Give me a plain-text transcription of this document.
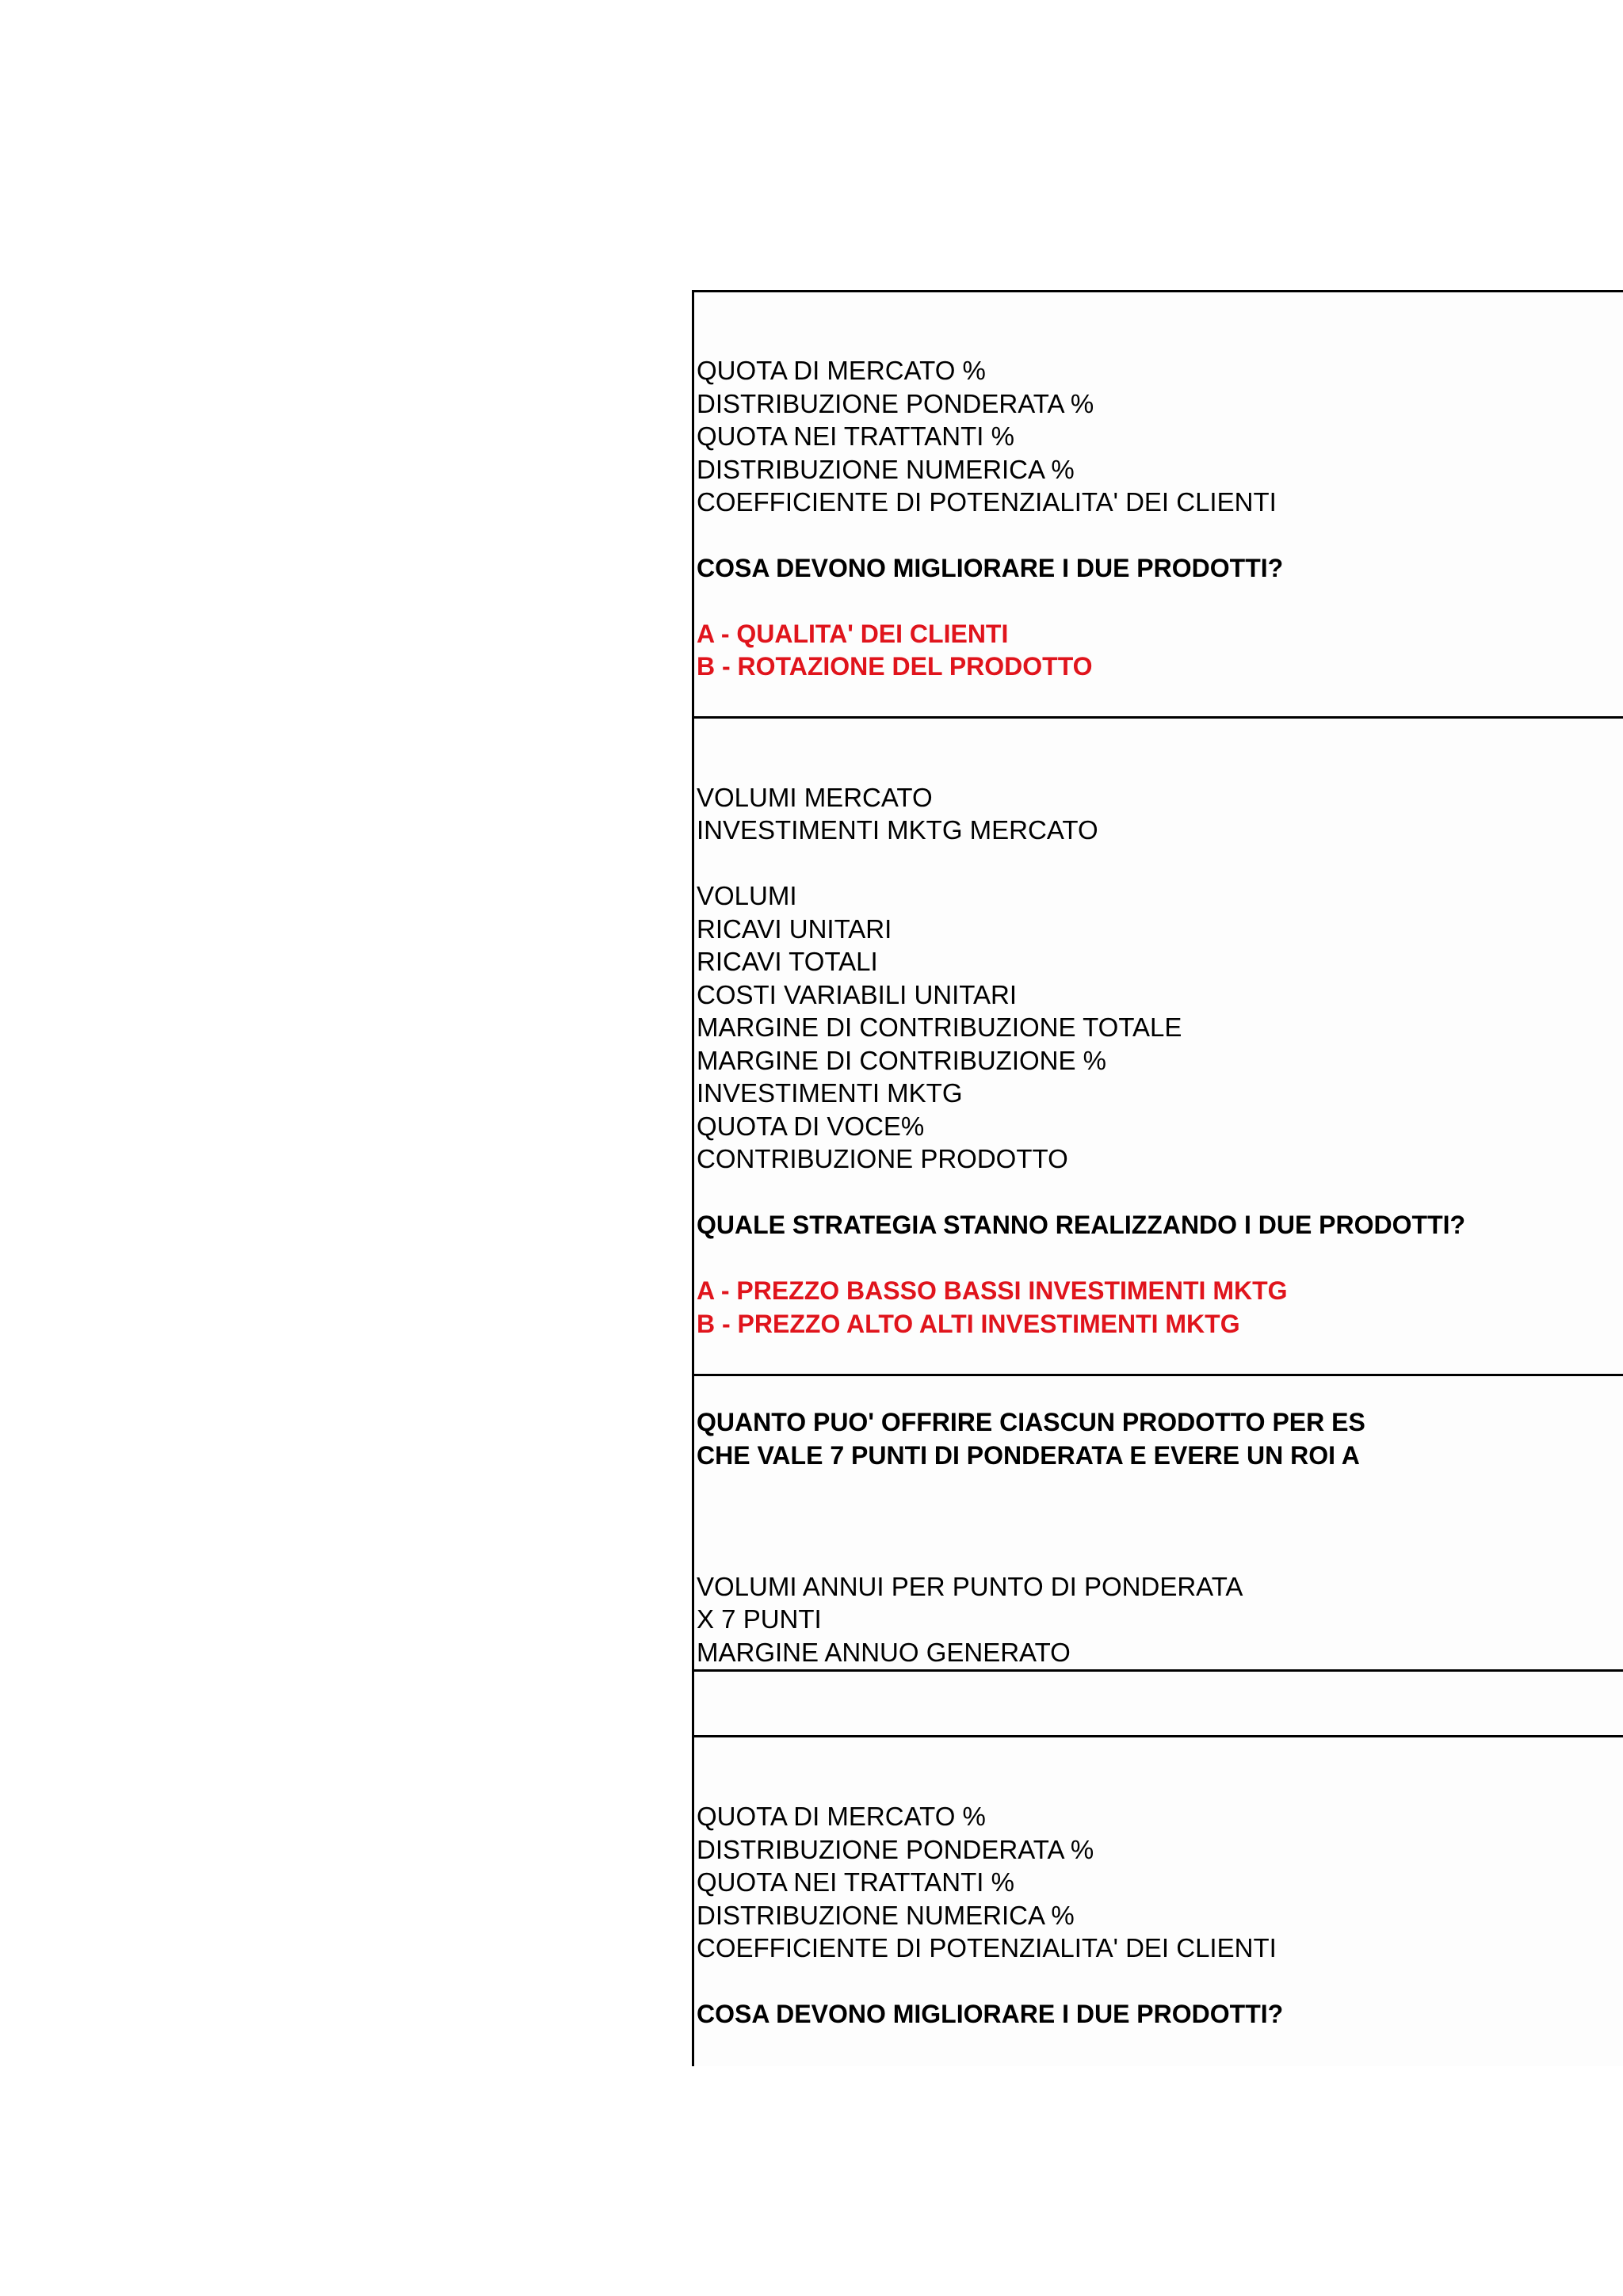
QUOTA DI MERCATO %
DISTRIBUZIONE PONDERATA %
QUOTA NEI TRATTANTI %
DISTRIBUZIONE NUMERICA %
COEFFICIENTE DI POTENZIALITA' DEI CLIENTI
COSA DEVONO MIGLIORARE I DUE PRODOTTI?
A - QUALITA' DEI CLIENTI
B - ROTAZIONE DEL PRODOTTO
VOLUMI MERCATO
INVESTIMENTI MKTG MERCATO
VOLUMI
RICAVI UNITARI
RICAVI TOTALI
COSTI VARIABILI UNITARI
MARGINE DI CONTRIBUZIONE TOTALE
MARGINE DI CONTRIBUZIONE %
INVESTIMENTI MKTG
QUOTA DI VOCE%
CONTRIBUZIONE PRODOTTO
QUALE STRATEGIA STANNO REALIZZANDO I DUE PRODOTTI?
A - PREZZO BASSO BASSI INVESTIMENTI MKTG
B - PREZZO ALTO ALTI INVESTIMENTI MKTG
QUANTO PUO' OFFRIRE CIASCUN PRODOTTO PER ES
CHE VALE 7 PUNTI DI PONDERATA E EVERE UN ROI A
VOLUMI ANNUI PER PUNTO DI PONDERATA
X 7 PUNTI
MARGINE ANNUO GENERATO
QUOTA DI MERCATO %
DISTRIBUZIONE PONDERATA %
QUOTA NEI TRATTANTI %
DISTRIBUZIONE NUMERICA %
COEFFICIENTE DI POTENZIALITA' DEI CLIENTI
COSA DEVONO MIGLIORARE I DUE PRODOTTI?
